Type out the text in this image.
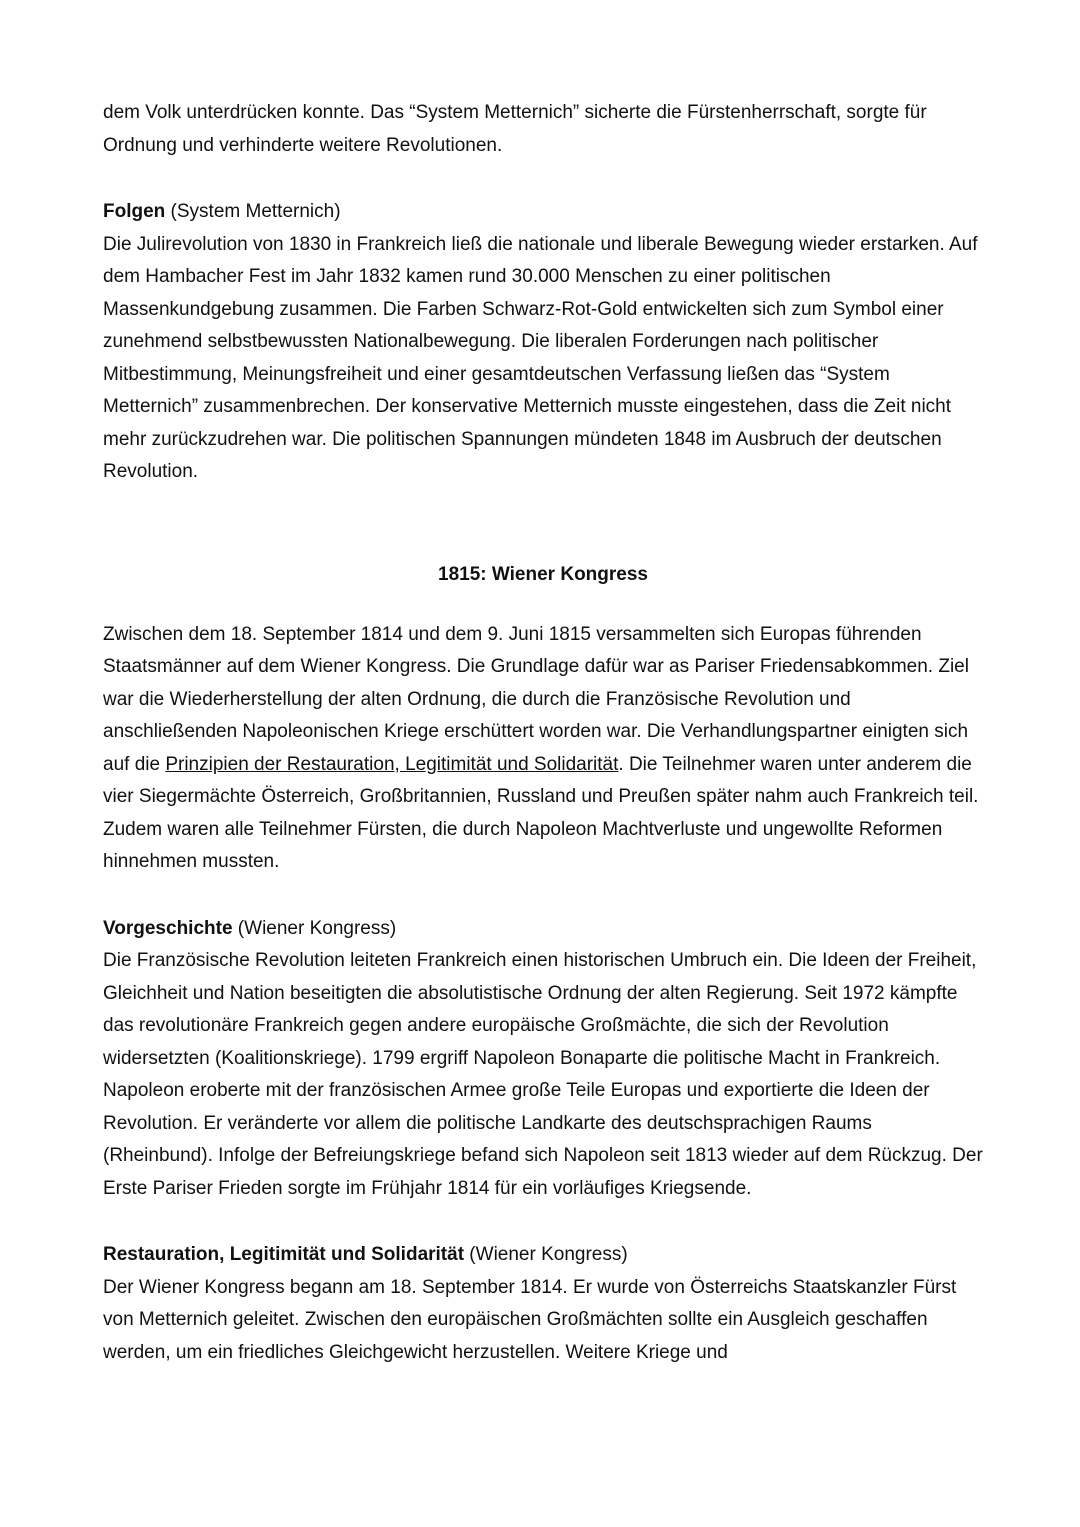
dem Volk unterdrücken konnte. Das “System Metternich” sicherte die Fürstenherrschaft, sorgte für Ordnung und verhinderte weitere Revolutionen.

Folgen (System Metternich)

Die Julirevolution von 1830 in Frankreich ließ die nationale und liberale Bewegung wieder erstarken. Auf dem Hambacher Fest im Jahr 1832 kamen rund 30.000 Menschen zu einer politischen Massenkundgebung zusammen. Die Farben Schwarz-Rot-Gold entwickelten sich zum Symbol einer zunehmend selbstbewussten Nationalbewegung. Die liberalen Forderungen nach politischer Mitbestimmung, Meinungsfreiheit und einer gesamtdeutschen Verfassung ließen das “System Metternich” zusammenbrechen. Der konservative Metternich musste eingestehen, dass die Zeit nicht mehr zurückzudrehen war. Die politischen Spannungen mündeten 1848 im Ausbruch der deutschen Revolution.

1815: Wiener Kongress

Zwischen dem 18. September 1814 und dem 9. Juni 1815 versammelten sich Europas führenden Staatsmänner auf dem Wiener Kongress. Die Grundlage dafür war as Pariser Friedensabkommen. Ziel war die Wiederherstellung der alten Ordnung, die durch die Französische Revolution und anschließenden Napoleonischen Kriege erschüttert worden war. Die Verhandlungspartner einigten sich auf die Prinzipien der Restauration, Legitimität und Solidarität. Die Teilnehmer waren unter anderem die vier Siegermächte Österreich, Großbritannien, Russland und Preußen später nahm auch Frankreich teil. Zudem waren alle Teilnehmer Fürsten, die durch Napoleon Machtverluste und ungewollte Reformen hinnehmen mussten.

Vorgeschichte (Wiener Kongress)

Die Französische Revolution leiteten Frankreich einen historischen Umbruch ein. Die Ideen der Freiheit, Gleichheit und Nation beseitigten die absolutistische Ordnung der alten Regierung. Seit 1972 kämpfte das revolutionäre Frankreich gegen andere europäische Großmächte, die sich der Revolution widersetzten (Koalitionskriege). 1799 ergriff Napoleon Bonaparte die politische Macht in Frankreich. Napoleon eroberte mit der französischen Armee große Teile Europas und exportierte die Ideen der Revolution. Er veränderte vor allem die politische Landkarte des deutschsprachigen Raums (Rheinbund). Infolge der Befreiungskriege befand sich Napoleon seit 1813 wieder auf dem Rückzug. Der Erste Pariser Frieden sorgte im Frühjahr 1814 für ein vorläufiges Kriegsende.

Restauration, Legitimität und Solidarität (Wiener Kongress)

Der Wiener Kongress begann am 18. September 1814. Er wurde von Österreichs Staatskanzler Fürst von Metternich geleitet. Zwischen den europäischen Großmächten sollte ein Ausgleich geschaffen werden, um ein friedliches Gleichgewicht herzustellen. Weitere Kriege und
